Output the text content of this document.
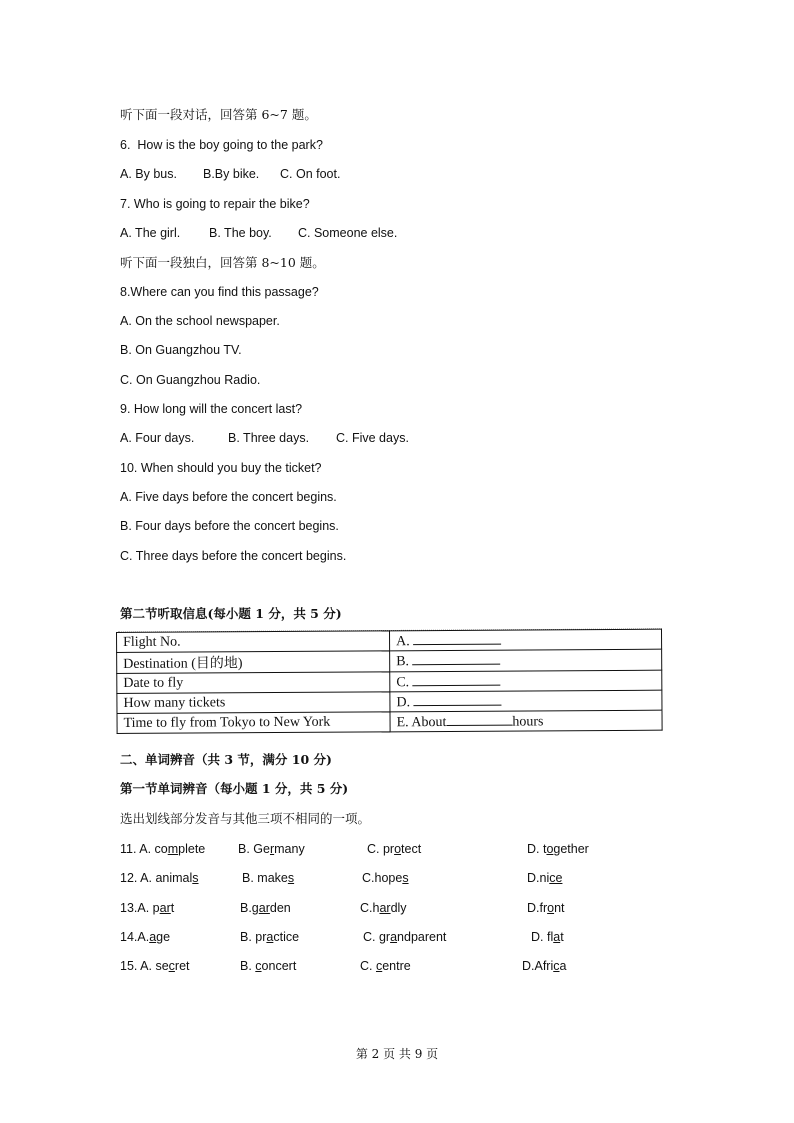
听下面一段对话，回答第 6~7 题。
6.  How is the boy going to the park?
A. By bus. B.By bike. C. On foot.
7. Who is going to repair the bike?
A. The girl. B. The boy. C. Someone else.
听下面一段独白，回答第 8~10 题。
8.Where can you find this passage?
A. On the school newspaper.
B. On Guangzhou TV.
C. On Guangzhou Radio.
9. How long will the concert last?
A. Four days.	B. Three days. C. Five days.
10. When should you buy the ticket?
A. Five days before the concert begins.
B. Four days before the concert begins.
C. Three days before the concert begins.
第二节听取信息(每小题 1 分，共 5 分)
Flight No.	A.
Destination (目的地)	B.
Date to fly	C.
How many tickets	D.
Time to fly from Tokyo to New York	E. About hours
二、单词辨音（共 3 节，满分 10 分)
第一节单词辨音（每小题 1 分，共 5 分)
选出划线部分发音与其他三项不相同的一项。
11. A. complete	B. Germany	C. protect	D. together
12. A. animals	B. makes	C.hopes	D.nice
13.A. part	B.garden	C.hardly	D.front
14.A.age	B. practice	C. grandparent	D. flat
15. A. secret	B. concert	C. centre	D.Africa
第 2 页 共 9 页
